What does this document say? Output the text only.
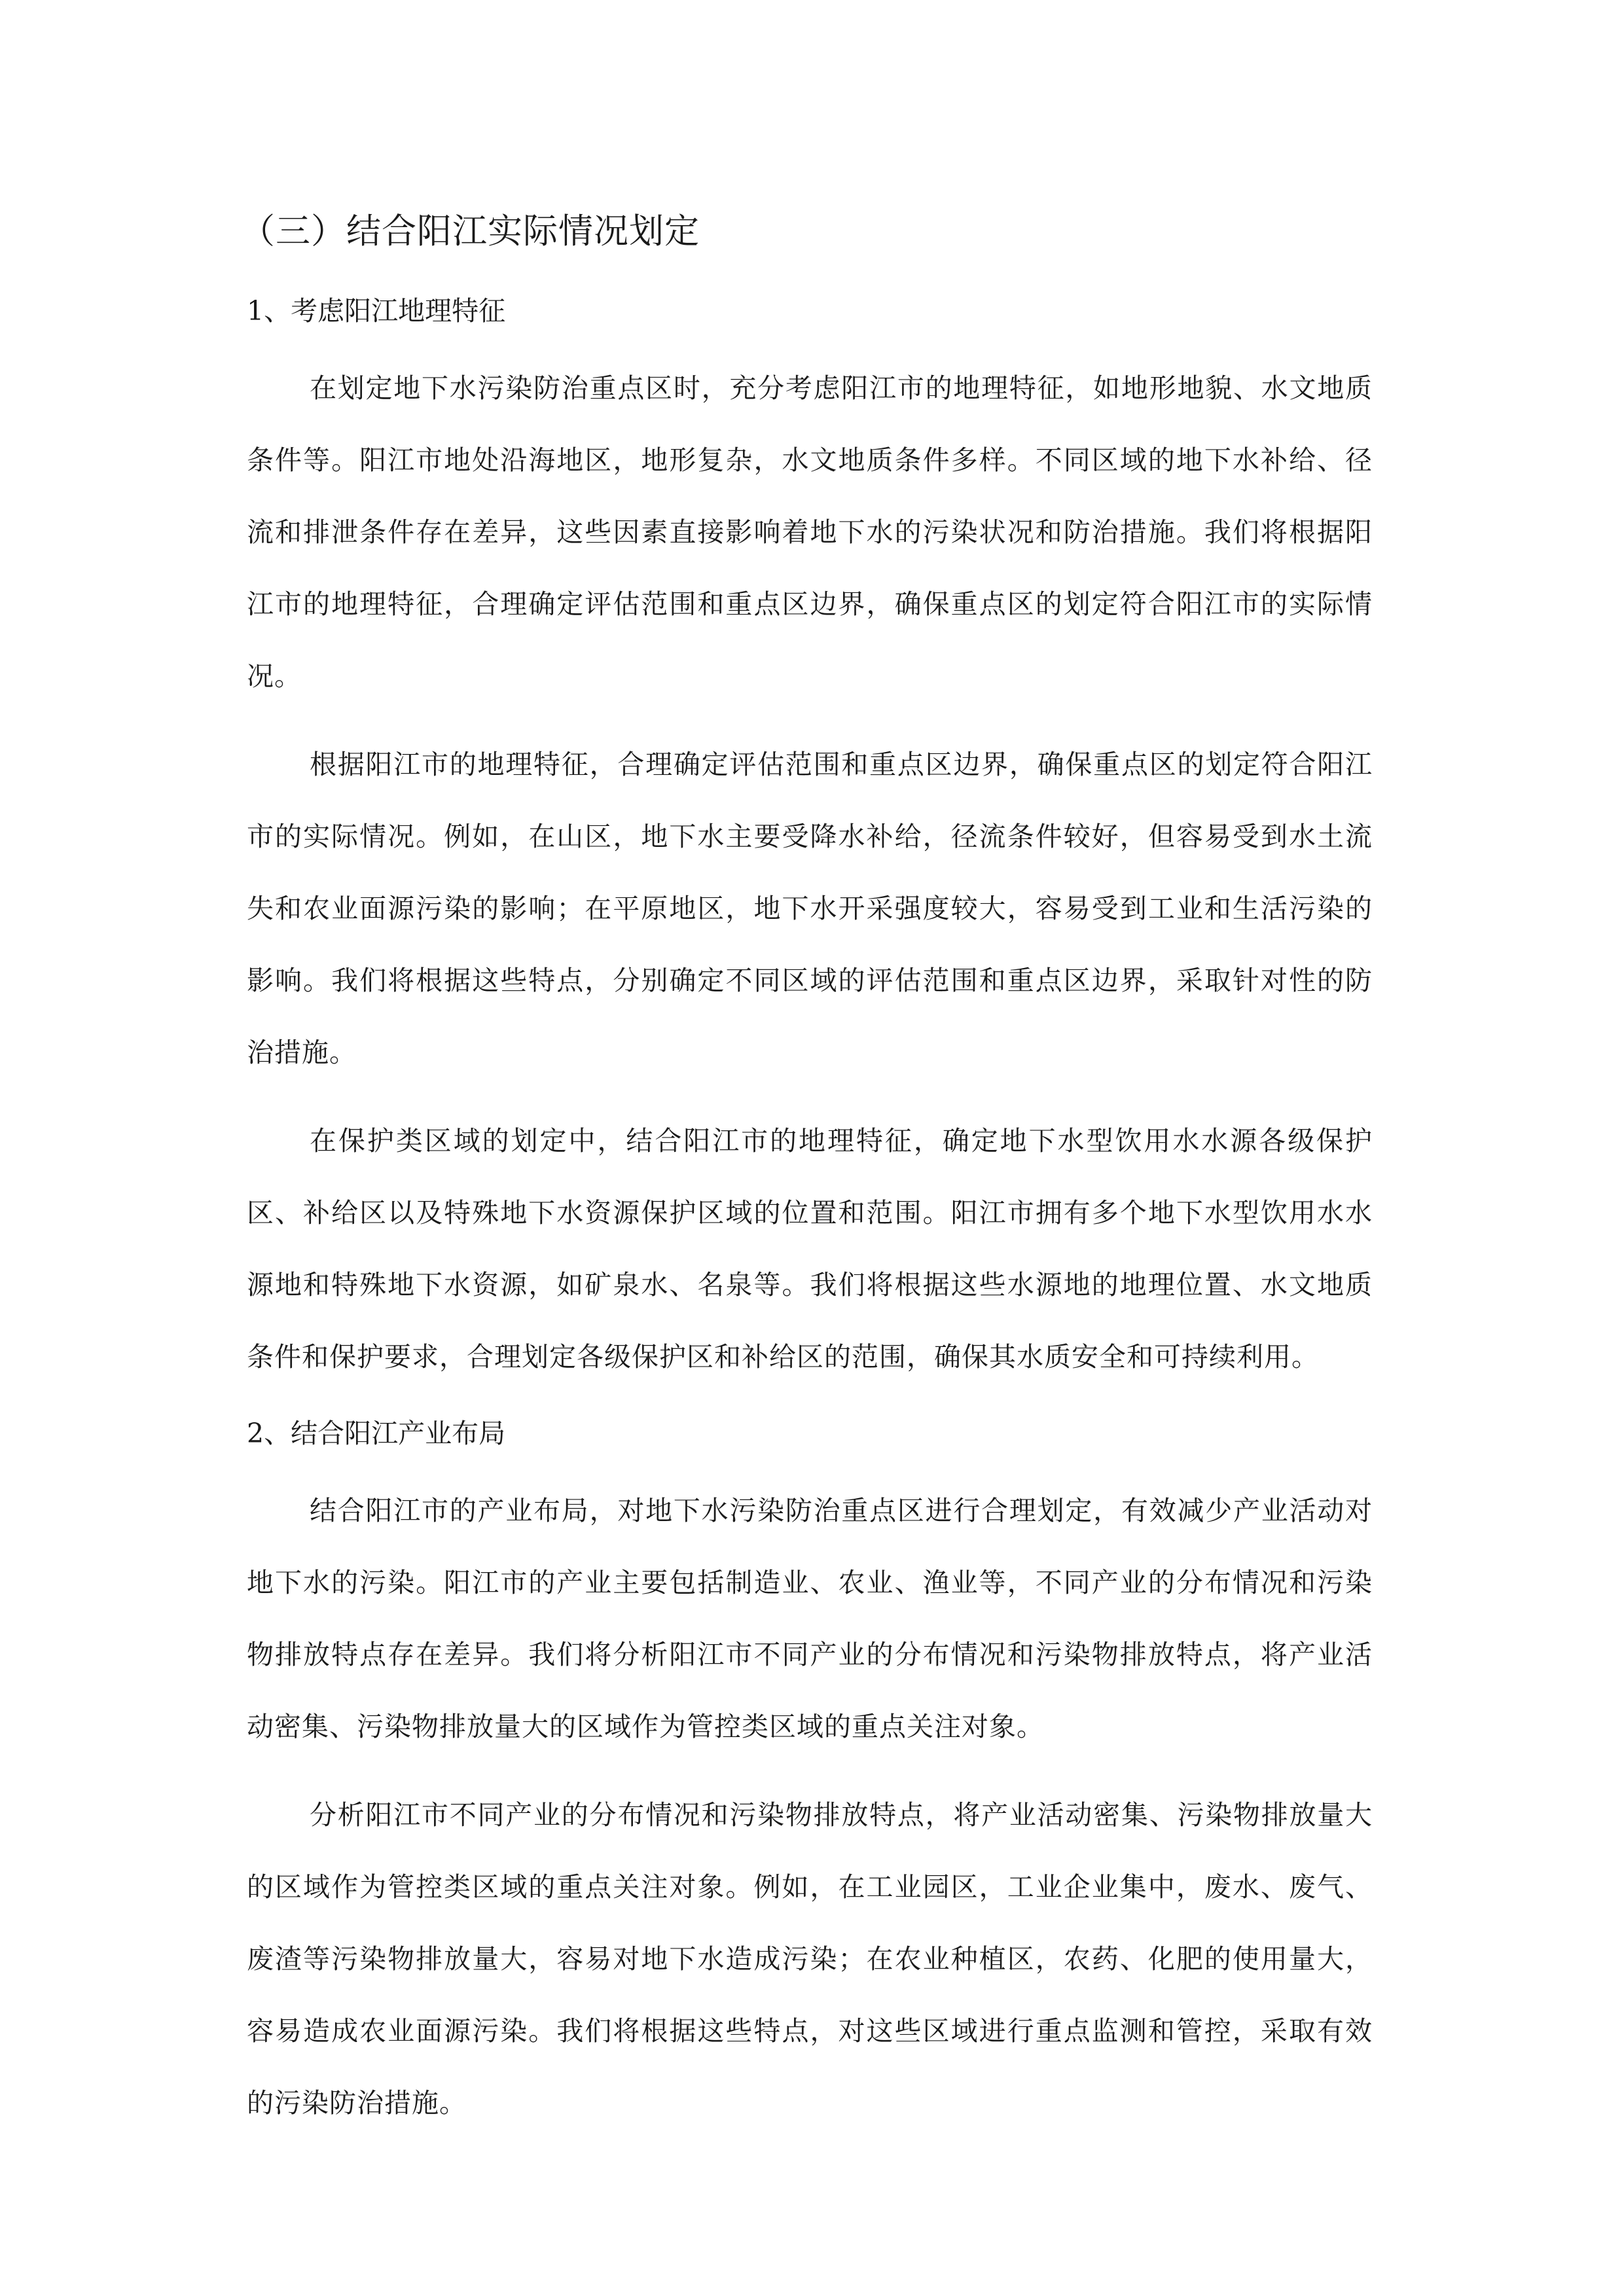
（三）结合阳江实际情况划定
1、考虑阳江地理特征

在划定地下水污染防治重点区时，充分考虑阳江市的地理特征，如地形地貌、水文地质条件等。阳江市地处沿海地区，地形复杂，水文地质条件多样。不同区域的地下水补给、径流和排泄条件存在差异，这些因素直接影响着地下水的污染状况和防治措施。我们将根据阳江市的地理特征，合理确定评估范围和重点区边界，确保重点区的划定符合阳江市的实际情况。

根据阳江市的地理特征，合理确定评估范围和重点区边界，确保重点区的划定符合阳江市的实际情况。例如，在山区，地下水主要受降水补给，径流条件较好，但容易受到水土流失和农业面源污染的影响；在平原地区，地下水开采强度较大，容易受到工业和生活污染的影响。我们将根据这些特点，分别确定不同区域的评估范围和重点区边界，采取针对性的防治措施。

在保护类区域的划定中，结合阳江市的地理特征，确定地下水型饮用水水源各级保护区、补给区以及特殊地下水资源保护区域的位置和范围。阳江市拥有多个地下水型饮用水水源地和特殊地下水资源，如矿泉水、名泉等。我们将根据这些水源地的地理位置、水文地质条件和保护要求，合理划定各级保护区和补给区的范围，确保其水质安全和可持续利用。

2、结合阳江产业布局

结合阳江市的产业布局，对地下水污染防治重点区进行合理划定，有效减少产业活动对地下水的污染。阳江市的产业主要包括制造业、农业、渔业等，不同产业的分布情况和污染物排放特点存在差异。我们将分析阳江市不同产业的分布情况和污染物排放特点，将产业活动密集、污染物排放量大的区域作为管控类区域的重点关注对象。

分析阳江市不同产业的分布情况和污染物排放特点，将产业活动密集、污染物排放量大的区域作为管控类区域的重点关注对象。例如，在工业园区，工业企业集中，废水、废气、废渣等污染物排放量大，容易对地下水造成污染；在农业种植区，农药、化肥的使用量大，容易造成农业面源污染。我们将根据这些特点，对这些区域进行重点监测和管控，采取有效的污染防治措施。
